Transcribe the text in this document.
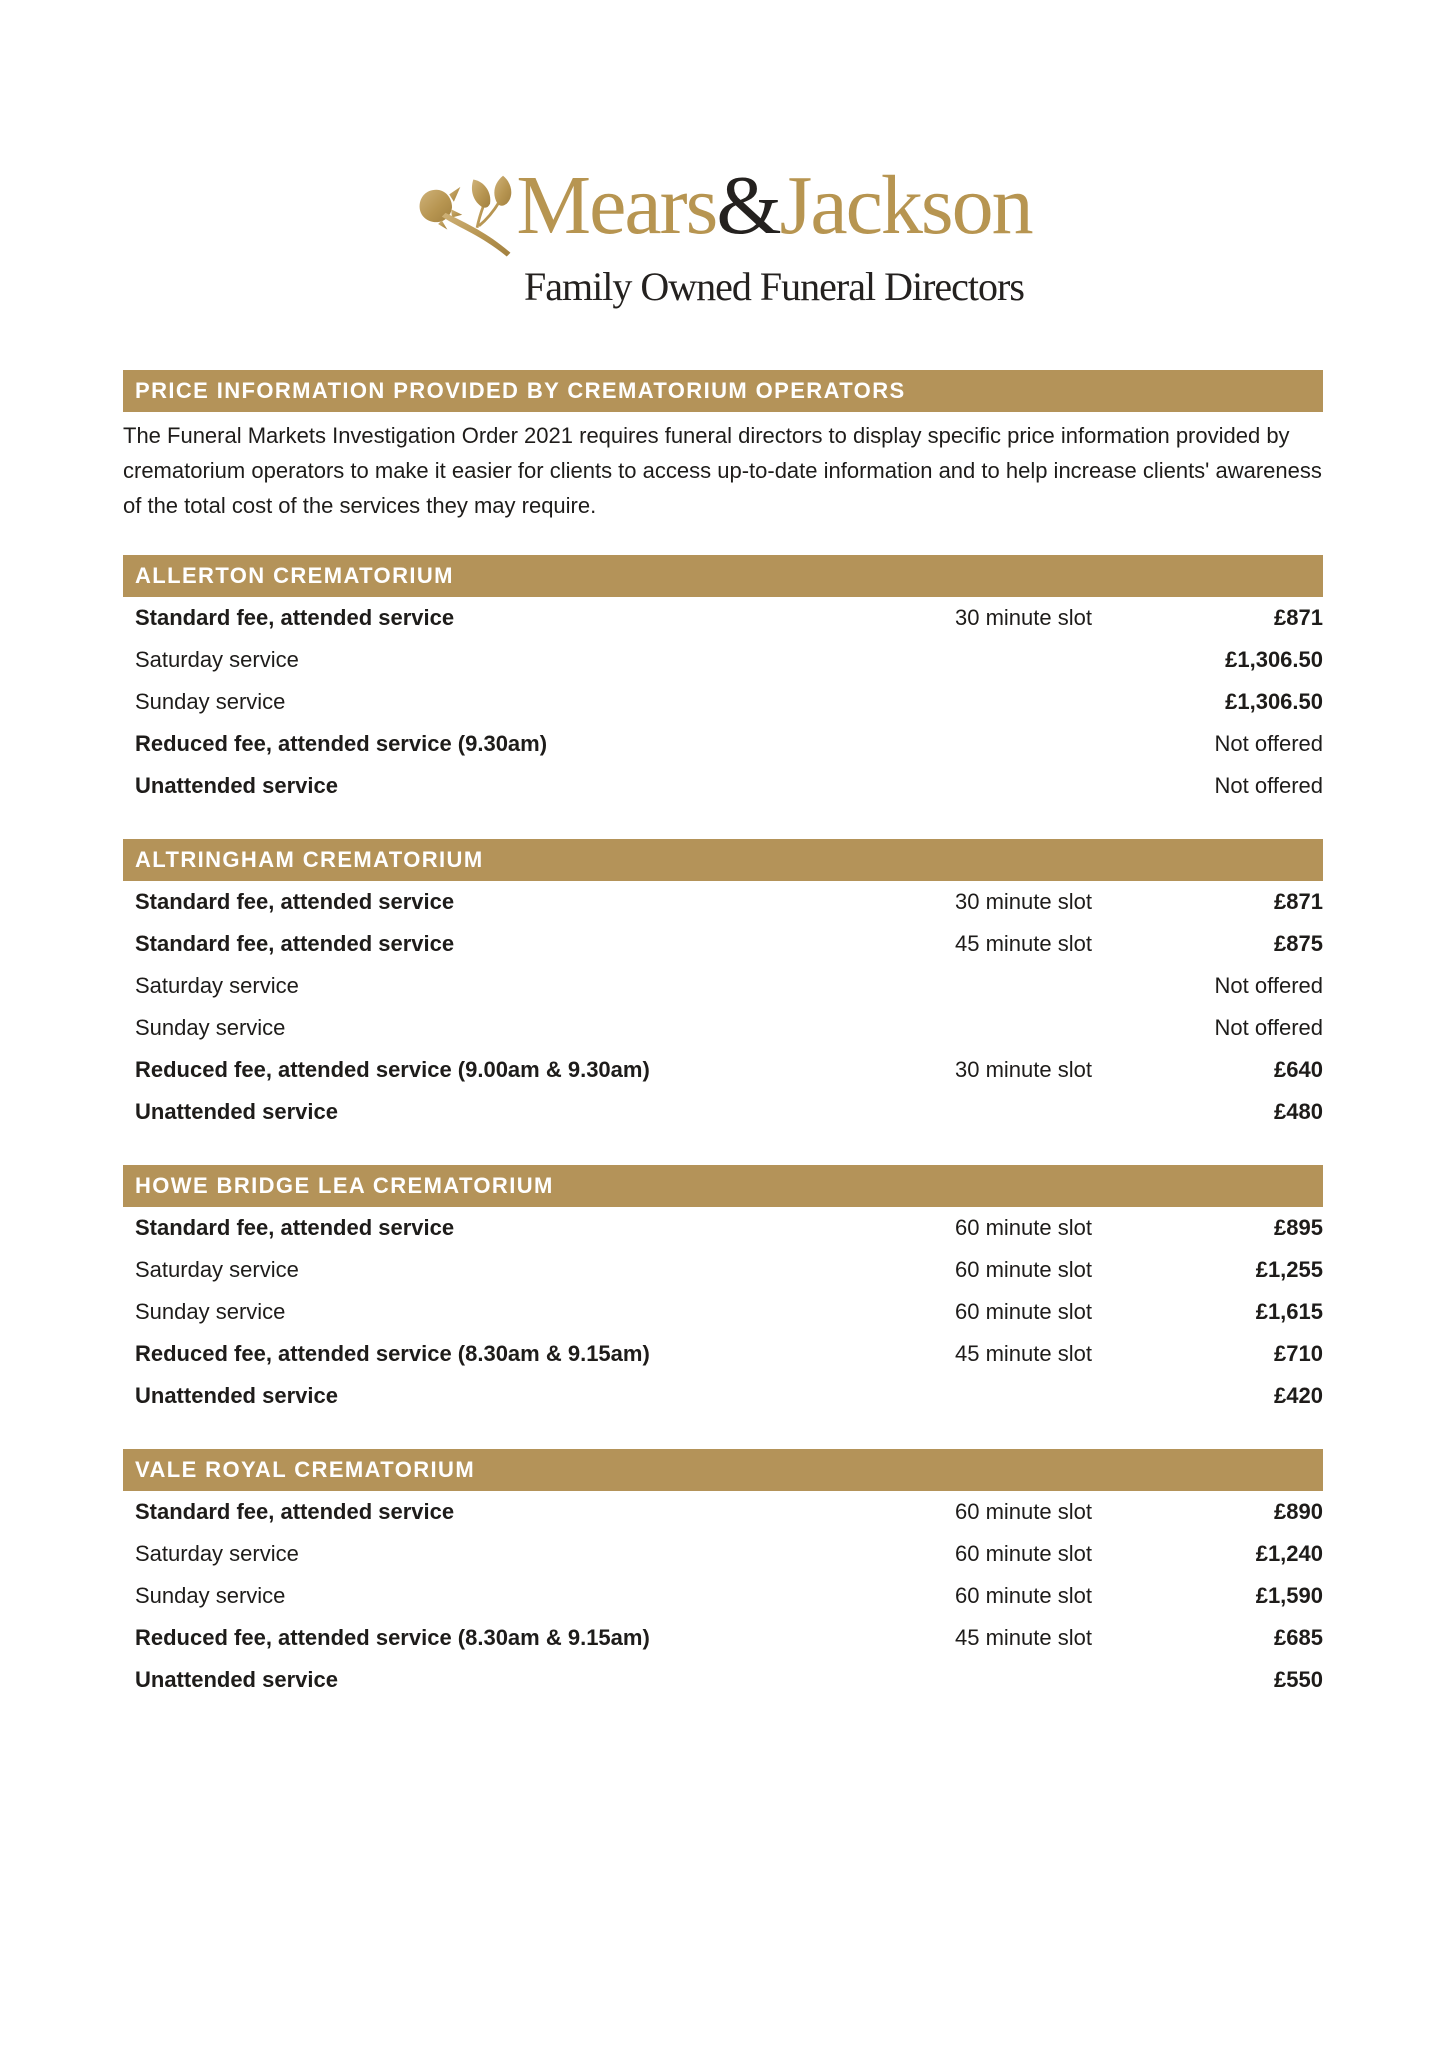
Mears&Jackson
Family Owned Funeral Directors
PRICE INFORMATION PROVIDED BY CREMATORIUM OPERATORS

The Funeral Markets Investigation Order 2021 requires funeral directors to display specific price information provided by crematorium operators to make it easier for clients to access up-to-date information and to help increase clients' awareness of the total cost of the services they may require.

ALLERTON CREMATORIUM
Standard fee, attended service	30 minute slot	£871
Saturday service	£1,306.50
Sunday service	£1,306.50
Reduced fee, attended service (9.30am)	Not offered
Unattended service	Not offered
ALTRINGHAM CREMATORIUM
Standard fee, attended service	30 minute slot	£871
Standard fee, attended service	45 minute slot	£875
Saturday service	Not offered
Sunday service	Not offered
Reduced fee, attended service (9.00am & 9.30am)	30 minute slot	£640
Unattended service	£480
HOWE BRIDGE LEA CREMATORIUM
Standard fee, attended service	60 minute slot	£895
Saturday service	60 minute slot	£1,255
Sunday service	60 minute slot	£1,615
Reduced fee, attended service (8.30am & 9.15am)	45 minute slot	£710
Unattended service	£420
VALE ROYAL CREMATORIUM
Standard fee, attended service	60 minute slot	£890
Saturday service	60 minute slot	£1,240
Sunday service	60 minute slot	£1,590
Reduced fee, attended service (8.30am & 9.15am)	45 minute slot	£685
Unattended service	£550
